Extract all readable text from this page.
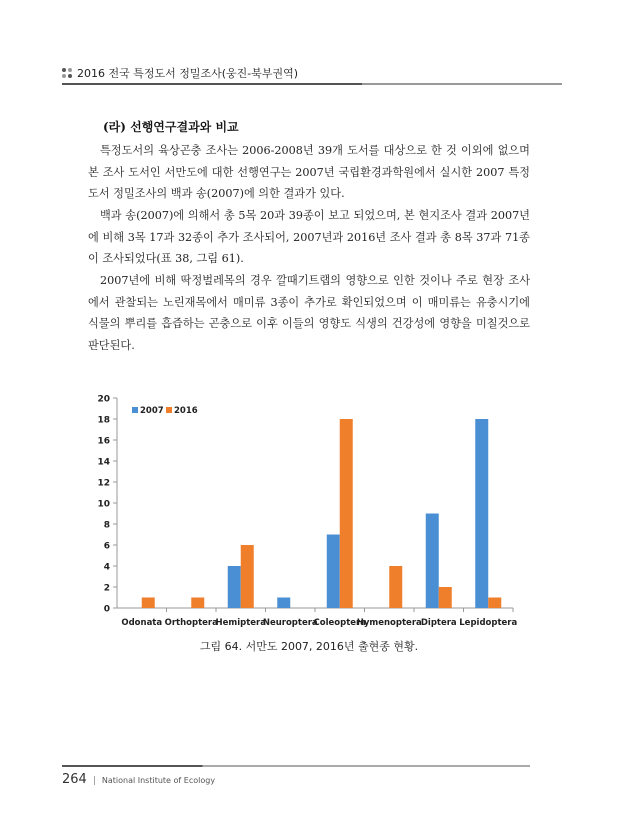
2016 전국 특정도서 정밀조사(웅진-북부권역)
(라) 선행연구결과와 비교

특정도서의 육상곤충 조사는 2006-2008년 39개 도서를 대상으로 한 것 이외에 없으며 본 조사 도서인 서만도에 대한 선행연구는 2007년 국립환경과학원에서 실시한 2007 특정도서 정밀조사의 백과 송(2007)에 의한 결과가 있다.

백과 송(2007)에 의해서 총 5목 20과 39종이 보고 되었으며, 본 현지조사 결과 2007년에 비해 3목 17과 32종이 추가 조사되어, 2007년과 2016년 조사 결과 총 8목 37과 71종이 조사되었다(표 38, 그림 61).

2007년에 비해 딱정벌레목의 경우 깔때기트랩의 영향으로 인한 것이나 주로 현장 조사에서 관찰되는 노린재목에서 매미류 3종이 추가로 확인되었으며 이 매미류는 유충시기에 식물의 뿌리를 흡즙하는 곤충으로 이후 이들의 영향도 식생의 건강성에 영향을 미칠것으로 판단된다.

0
2
4
6
8
10
12
14
16
18
20
Odonata Orthoptera
Hemiptera
Neuroptera
Coleoptera
Hymenoptera Diptera Lepidoptera
2007 2016
그림 64. 서만도 2007, 2016년 출현종 현황.
264 | National Institute of Ecology
